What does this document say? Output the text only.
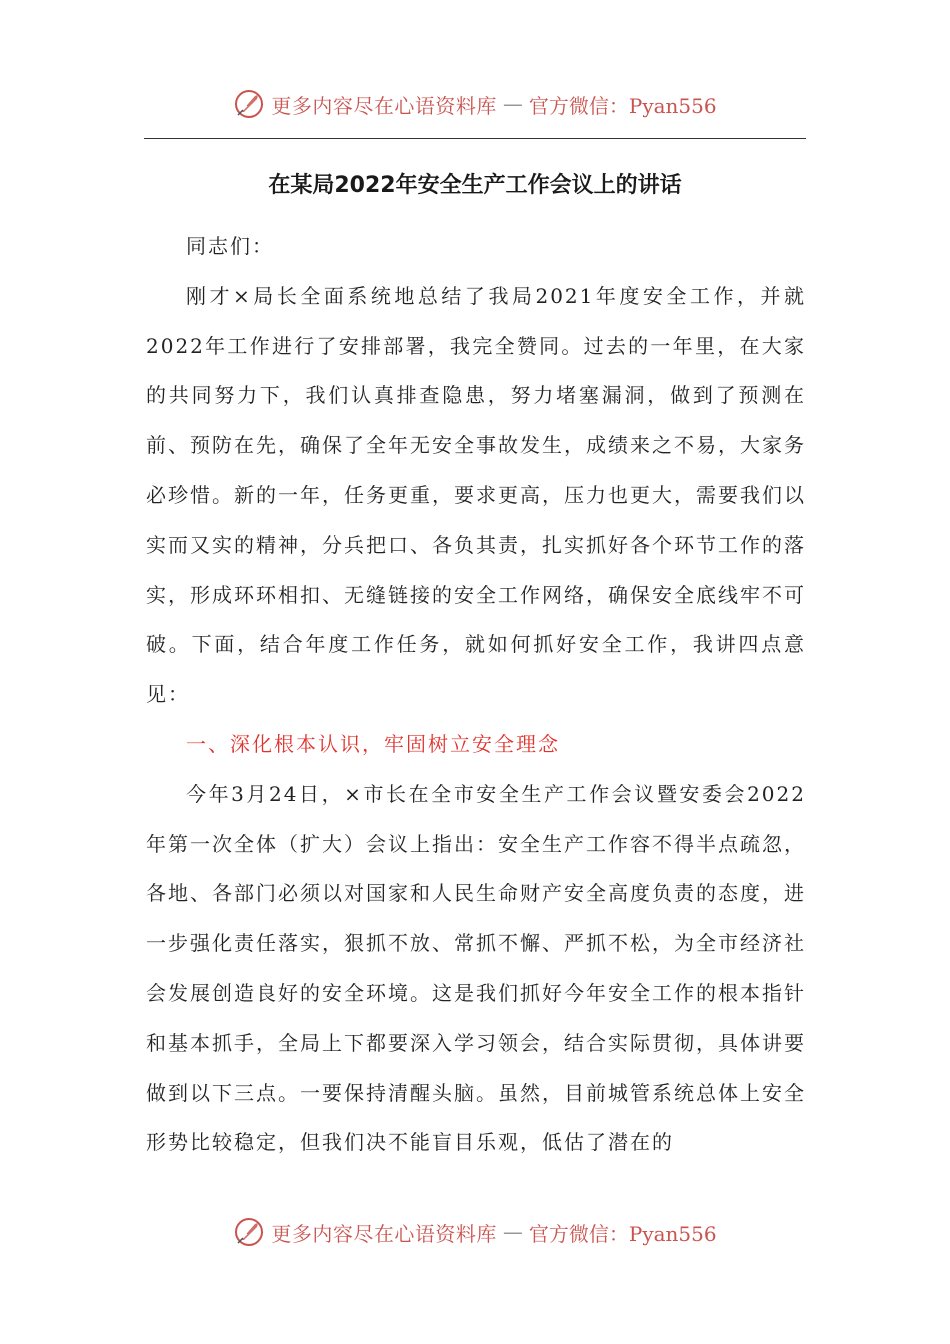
更多内容尽在心语资料库 — 官方微信：Pyan556
在某局2022年安全生产工作会议上的讲话

同志们：

刚才×局长全面系统地总结了我局2021年度安全工作，并就2022年工作进行了安排部署，我完全赞同。过去的一年里，在大家的共同努力下，我们认真排查隐患，努力堵塞漏洞，做到了预测在前、预防在先，确保了全年无安全事故发生，成绩来之不易，大家务必珍惜。新的一年，任务更重，要求更高，压力也更大，需要我们以实而又实的精神，分兵把口、各负其责，扎实抓好各个环节工作的落实，形成环环相扣、无缝链接的安全工作网络，确保安全底线牢不可破。下面，结合年度工作任务，就如何抓好安全工作，我讲四点意见：

一、深化根本认识，牢固树立安全理念

今年3月24日，×市长在全市安全生产工作会议暨安委会2022年第一次全体（扩大）会议上指出：安全生产工作容不得半点疏忽，各地、各部门必须以对国家和人民生命财产安全高度负责的态度，进一步强化责任落实，狠抓不放、常抓不懈、严抓不松，为全市经济社会发展创造良好的安全环境。这是我们抓好今年安全工作的根本指针和基本抓手，全局上下都要深入学习领会，结合实际贯彻，具体讲要做到以下三点。一要保持清醒头脑。虽然，目前城管系统总体上安全形势比较稳定，但我们决不能盲目乐观，低估了潜在的

更多内容尽在心语资料库 — 官方微信：Pyan556
